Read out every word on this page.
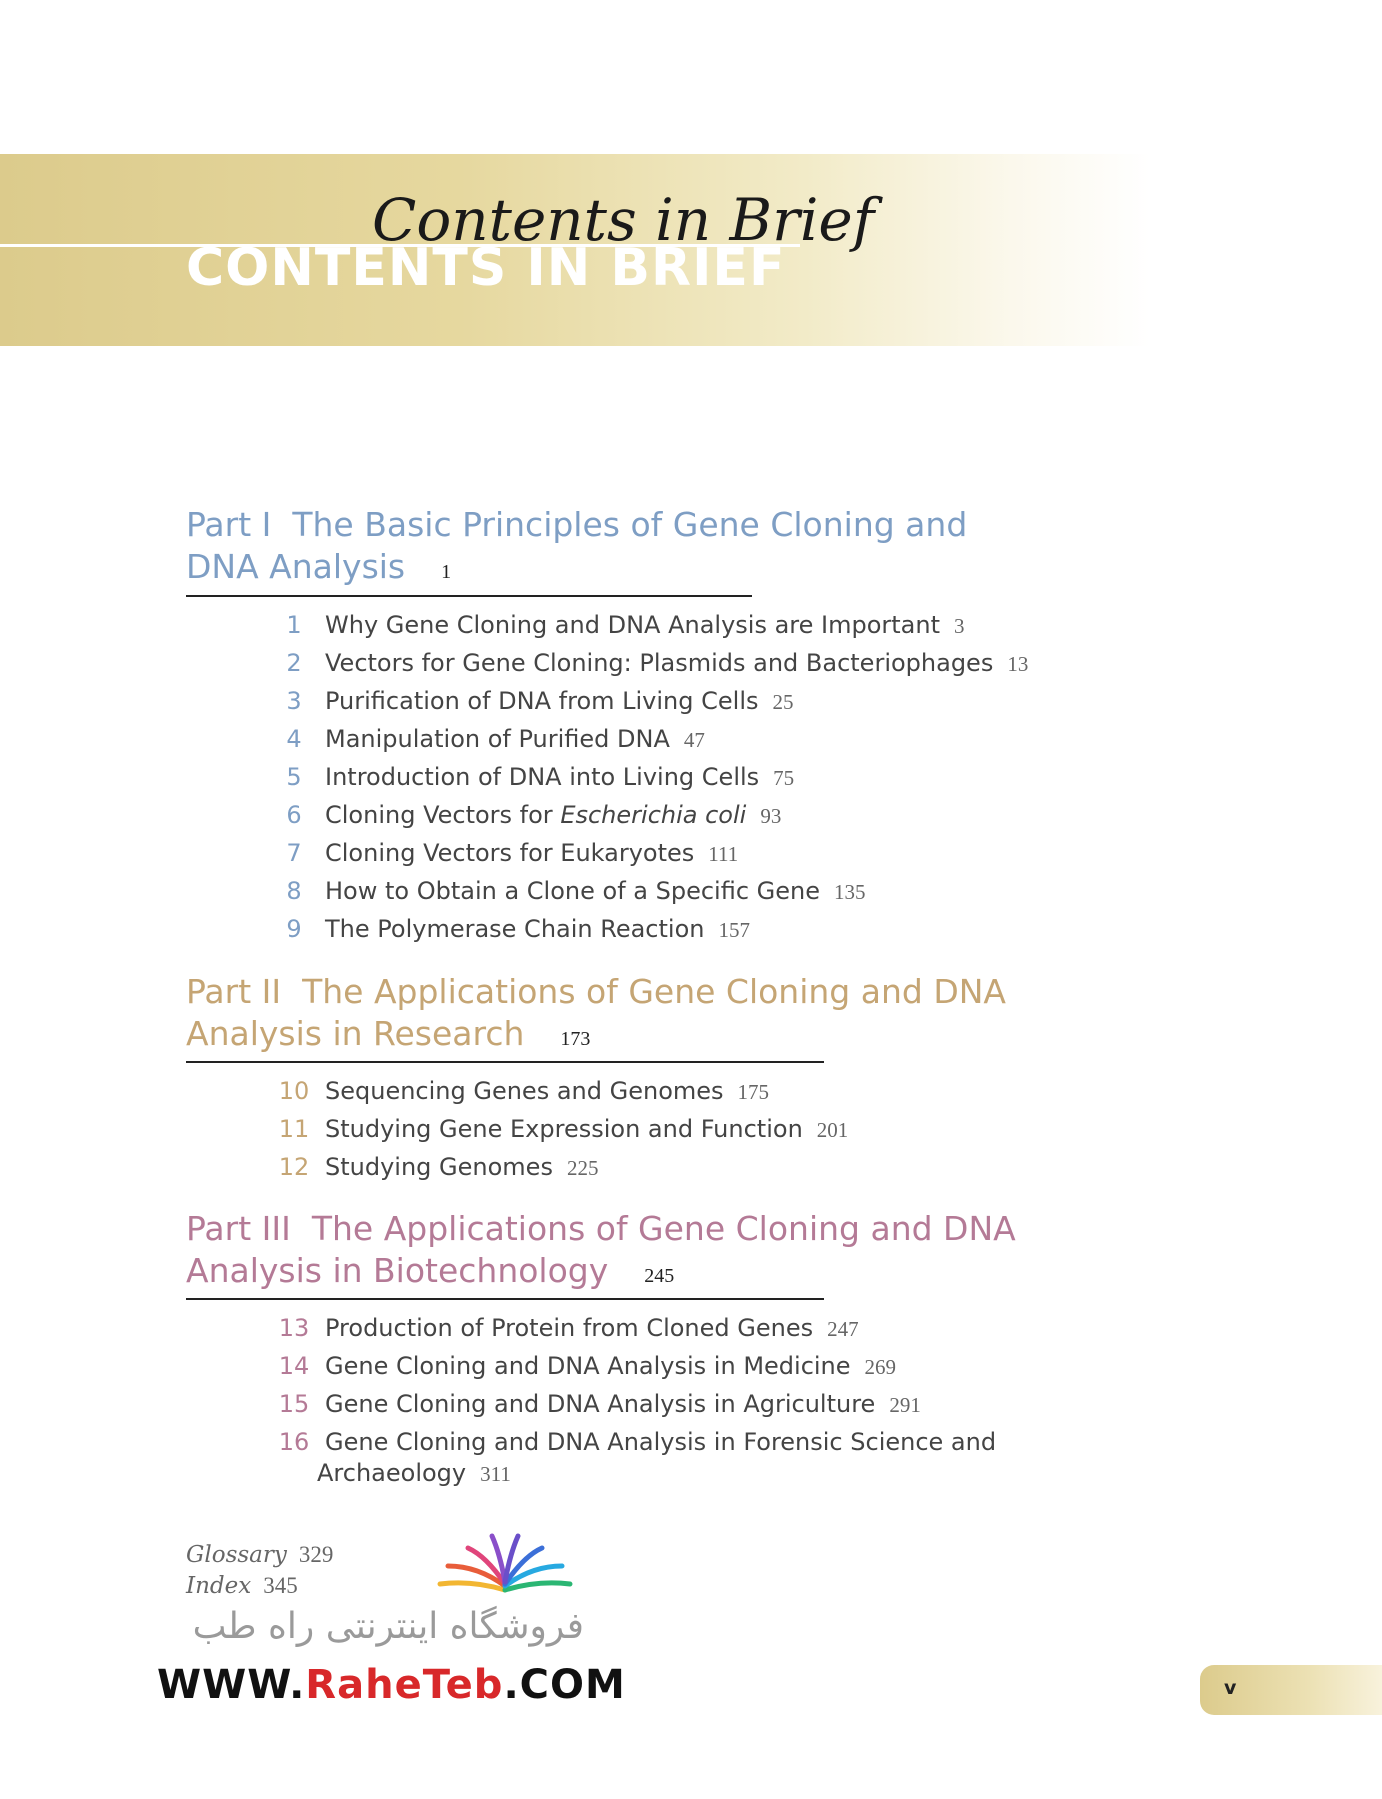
CONTENTS IN BRIEF
Contents in Brief
Part I The Basic Principles of Gene Cloning and
DNA Analysis 1
1 Why Gene Cloning and DNA Analysis are Important 3
2 Vectors for Gene Cloning: Plasmids and Bacteriophages 13
3 Purification of DNA from Living Cells 25
4 Manipulation of Purified DNA 47
5 Introduction of DNA into Living Cells 75
6 Cloning Vectors for Escherichia coli 93
7 Cloning Vectors for Eukaryotes 111
8 How to Obtain a Clone of a Specific Gene 135
9 The Polymerase Chain Reaction 157
Part II The Applications of Gene Cloning and DNA
Analysis in Research 173
10 Sequencing Genes and Genomes 175
11 Studying Gene Expression and Function 201
12 Studying Genomes 225
Part III The Applications of Gene Cloning and DNA
Analysis in Biotechnology 245
13 Production of Protein from Cloned Genes 247
14 Gene Cloning and DNA Analysis in Medicine 269
15 Gene Cloning and DNA Analysis in Agriculture 291
16 Gene Cloning and DNA Analysis in Forensic Science and
Archaeology 311
Glossary 329
Index 345
فروشگاه اینترنتی راه طب
WWW.RaheTeb.COM	v
